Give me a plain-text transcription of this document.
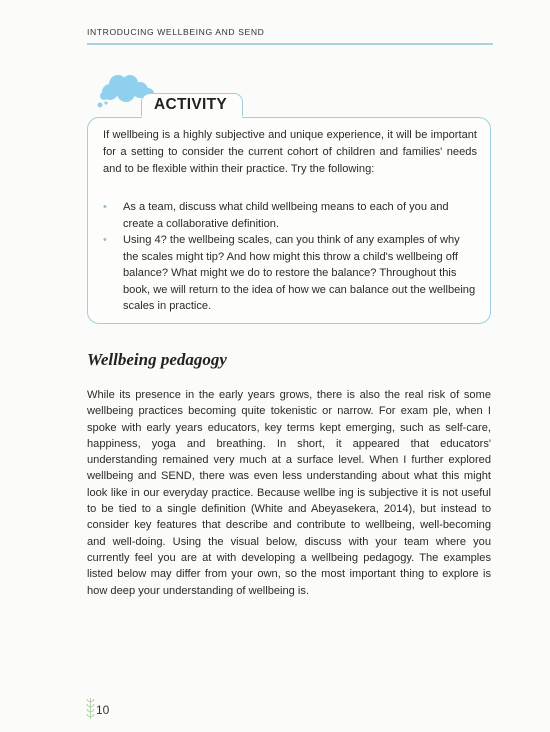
INTRODUCING WELLBEING AND SEND
ACTIVITY

If wellbeing is a highly subjective and unique experience, it will be important for a setting to consider the current cohort of children and families' needs and to be flexible within their practice. Try the following:

• As a team, discuss what child wellbeing means to each of you and create a collaborative definition.
• Using 4? the wellbeing scales, can you think of any examples of why the scales might tip? And how might this throw a child's wellbeing off balance? What might we do to restore the balance? Throughout this book, we will return to the idea of how we can balance out the wellbeing scales in practice.
Wellbeing pedagogy

While its presence in the early years grows, there is also the real risk of some wellbeing practices becoming quite tokenistic or narrow. For exam ple, when I spoke with early years educators, key terms kept emerging, such as self-care, happiness, yoga and breathing. In short, it appeared that educators' understanding remained very much at a surface level. When I further explored wellbeing and SEND, there was even less understanding about what this might look like in our everyday practice. Because wellbe ing is subjective it is not useful to be tied to a single definition (White and Abeyasekera, 2014), but instead to consider key features that describe and contribute to wellbeing, well-becoming and well-doing. Using the visual below, discuss with your team where you currently feel you are at with developing a wellbeing pedagogy. The examples listed below may differ from your own, so the most important thing to explore is how deep your understanding of wellbeing is.

10
